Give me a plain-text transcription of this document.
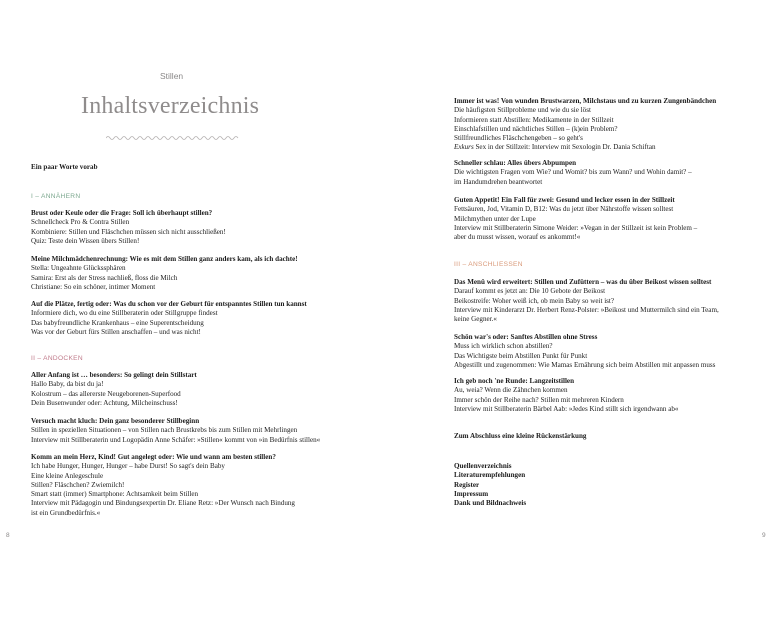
Stillen
Inhaltsverzeichnis
Ein paar Worte vorab
I – ANNÄHERN
Brust oder Keule oder die Frage: Soll ich überhaupt stillen?
Schnellcheck Pro & Contra Stillen
Kombiniere: Stillen und Fläschchen müssen sich nicht ausschließen!
Quiz: Teste dein Wissen übers Stillen!
Meine Milchmädchenrechnung: Wie es mit dem Stillen ganz anders kam, als ich dachte!
Stella: Ungeahnte Glückssphären
Samira: Erst als der Stress nachließ, floss die Milch
Christiane: So ein schöner, intimer Moment
Auf die Plätze, fertig oder: Was du schon vor der Geburt für entspanntes Stillen tun kannst
Informiere dich, wo du eine Stillberaterin oder Stillgruppe findest
Das babyfreundliche Krankenhaus – eine Superentscheidung
Was vor der Geburt fürs Stillen anschaffen – und was nicht!
II – ANDOCKEN
Aller Anfang ist … besonders: So gelingt dein Stillstart
Hallo Baby, da bist du ja!
Kolostrum – das allererste Neugeborenen-Superfood
Dein Busenwunder oder: Achtung, Milcheinschuss!
Versuch macht kluch: Dein ganz besonderer Stillbeginn
Stillen in speziellen Situationen – von Stillen nach Brustkrebs bis zum Stillen mit Mehrlingen
Interview mit Stillberaterin und Logopädin Anne Schäfer: »Stillen« kommt von »in Bedürfnis stillen«
Komm an mein Herz, Kind! Gut angelegt oder: Wie und wann am besten stillen?
Ich habe Hunger, Hunger, Hunger – habe Durst! So sagt's dein Baby
Eine kleine Anlegeschule
Stillen? Fläschchen? Zwiemilch!
Smart statt (immer) Smartphone: Achtsamkeit beim Stillen
Interview mit Pädagogin und Bindungsexpertin Dr. Eliane Retz: »Der Wunsch nach Bindung
ist ein Grundbedürfnis.«
8
Immer ist was! Von wunden Brustwarzen, Milchstaus und zu kurzen Zungenbändchen
Die häufigsten Stillprobleme und wie du sie löst
Informieren statt Abstillen: Medikamente in der Stillzeit
Einschlafstillen und nächtliches Stillen – (k)ein Problem?
Stillfreundliches Fläschchengeben – so geht's
Exkurs Sex in der Stillzeit: Interview mit Sexologin Dr. Dania Schiftan
Schneller schlau: Alles übers Abpumpen
Die wichtigsten Fragen vom Wie? und Womit? bis zum Wann? und Wohin damit? –
im Handumdrehen beantwortet
Guten Appetit! Ein Fall für zwei: Gesund und lecker essen in der Stillzeit
Fettsäuren, Jod, Vitamin D, B12: Was du jetzt über Nährstoffe wissen solltest
Milchmythen unter der Lupe
Interview mit Stillberaterin Simone Weider: »Vegan in der Stillzeit ist kein Problem –
aber du musst wissen, worauf es ankommt!«
III – ANSCHLIESSEN
Das Menü wird erweitert: Stillen und Zufüttern – was du über Beikost wissen solltest
Darauf kommt es jetzt an: Die 10 Gebote der Beikost
Beikostreife: Woher weiß ich, ob mein Baby so weit ist?
Interview mit Kinderarzt Dr. Herbert Renz-Polster: »Beikost und Muttermilch sind ein Team,
keine Gegner.«
Schön war's oder: Sanftes Abstillen ohne Stress
Muss ich wirklich schon abstillen?
Das Wichtigste beim Abstillen Punkt für Punkt
Abgestillt und zugenommen: Wie Mamas Ernährung sich beim Abstillen mit anpassen muss
Ich geb noch 'ne Runde: Langzeitstillen
Au, weia? Wenn die Zähnchen kommen
Immer schön der Reihe nach? Stillen mit mehreren Kindern
Interview mit Stillberaterin Bärbel Aab: »Jedes Kind stillt sich irgendwann ab«
Zum Abschluss eine kleine Rückenstärkung
Quellenverzeichnis
Literaturempfehlungen
Register
Impressum
Dank und Bildnachweis
9
